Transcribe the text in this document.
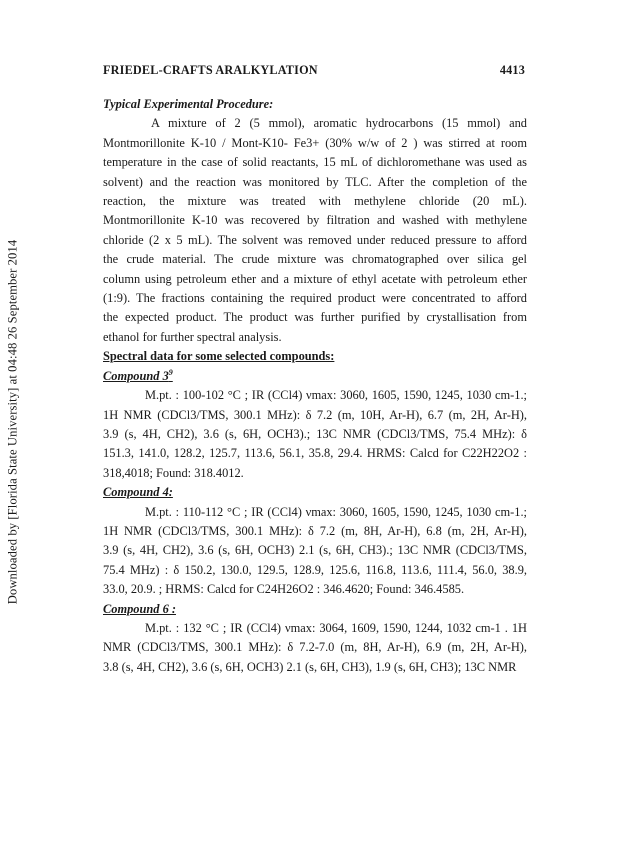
Downloaded by [Florida State University] at 04:48 26 September 2014
FRIEDEL-CRAFTS ARALKYLATION	4413
Typical Experimental Procedure:
A mixture of 2 (5 mmol), aromatic hydrocarbons (15 mmol) and
Montmorillonite K-10 / Mont-K10- Fe3+ (30% w/w of 2 ) was stirred at room
temperature in the case of solid reactants, 15 mL of dichloromethane was used as
solvent) and the reaction was monitored by TLC. After the completion of the
reaction, the mixture was treated with methylene chloride (20 mL).
Montmorillonite K-10 was recovered by filtration and washed with methylene
chloride (2 x 5 mL). The solvent was removed under reduced pressure to afford
the crude material. The crude mixture was chromatographed over silica gel
column using petroleum ether and a mixture of ethyl acetate with petroleum ether
(1:9). The fractions containing the required product were concentrated to afford
the expected product. The product was further purified by crystallisation from
ethanol for further spectral analysis.
Spectral data for some selected compounds:
Compound $3^9$
M.pt. : 100-102 °C ; IR (CCl4) νmax: 3060, 1605, 1590, 1245, 1030 cm-1.;
1H NMR (CDCl3/TMS, 300.1 MHz): δ 7.2 (m, 10H, Ar-H), 6.7 (m, 2H, Ar-H),
3.9 (s, 4H, CH2), 3.6 (s, 6H, OCH3).; 13C NMR (CDCl3/TMS, 75.4 MHz): δ
151.3, 141.0, 128.2, 125.7, 113.6, 56.1, 35.8, 29.4. HRMS: Calcd for C22H22O2 :
318,4018; Found: 318.4012.
Compound 4:
M.pt. : 110-112 °C ; IR (CCl4) νmax: 3060, 1605, 1590, 1245, 1030 cm-1.;
1H NMR (CDCl3/TMS, 300.1 MHz): δ 7.2 (m, 8H, Ar-H), 6.8 (m, 2H, Ar-H),
3.9 (s, 4H, CH2), 3.6 (s, 6H, OCH3) 2.1 (s, 6H, CH3).; 13C NMR (CDCl3/TMS,
75.4 MHz) : δ 150.2, 130.0, 129.5, 128.9, 125.6, 116.8, 113.6, 111.4, 56.0, 38.9,
33.0, 20.9. ; HRMS: Calcd for C24H26O2 : 346.4620; Found: 346.4585.
Compound 6 :
M.pt. : 132 °C ; IR (CCl4) νmax: 3064, 1609, 1590, 1244, 1032 cm-1 . 1H
NMR (CDCl3/TMS, 300.1 MHz): δ 7.2-7.0 (m, 8H, Ar-H), 6.9 (m, 2H, Ar-H),
3.8 (s, 4H, CH2), 3.6 (s, 6H, OCH3) 2.1 (s, 6H, CH3), 1.9 (s, 6H, CH3); 13C NMR
